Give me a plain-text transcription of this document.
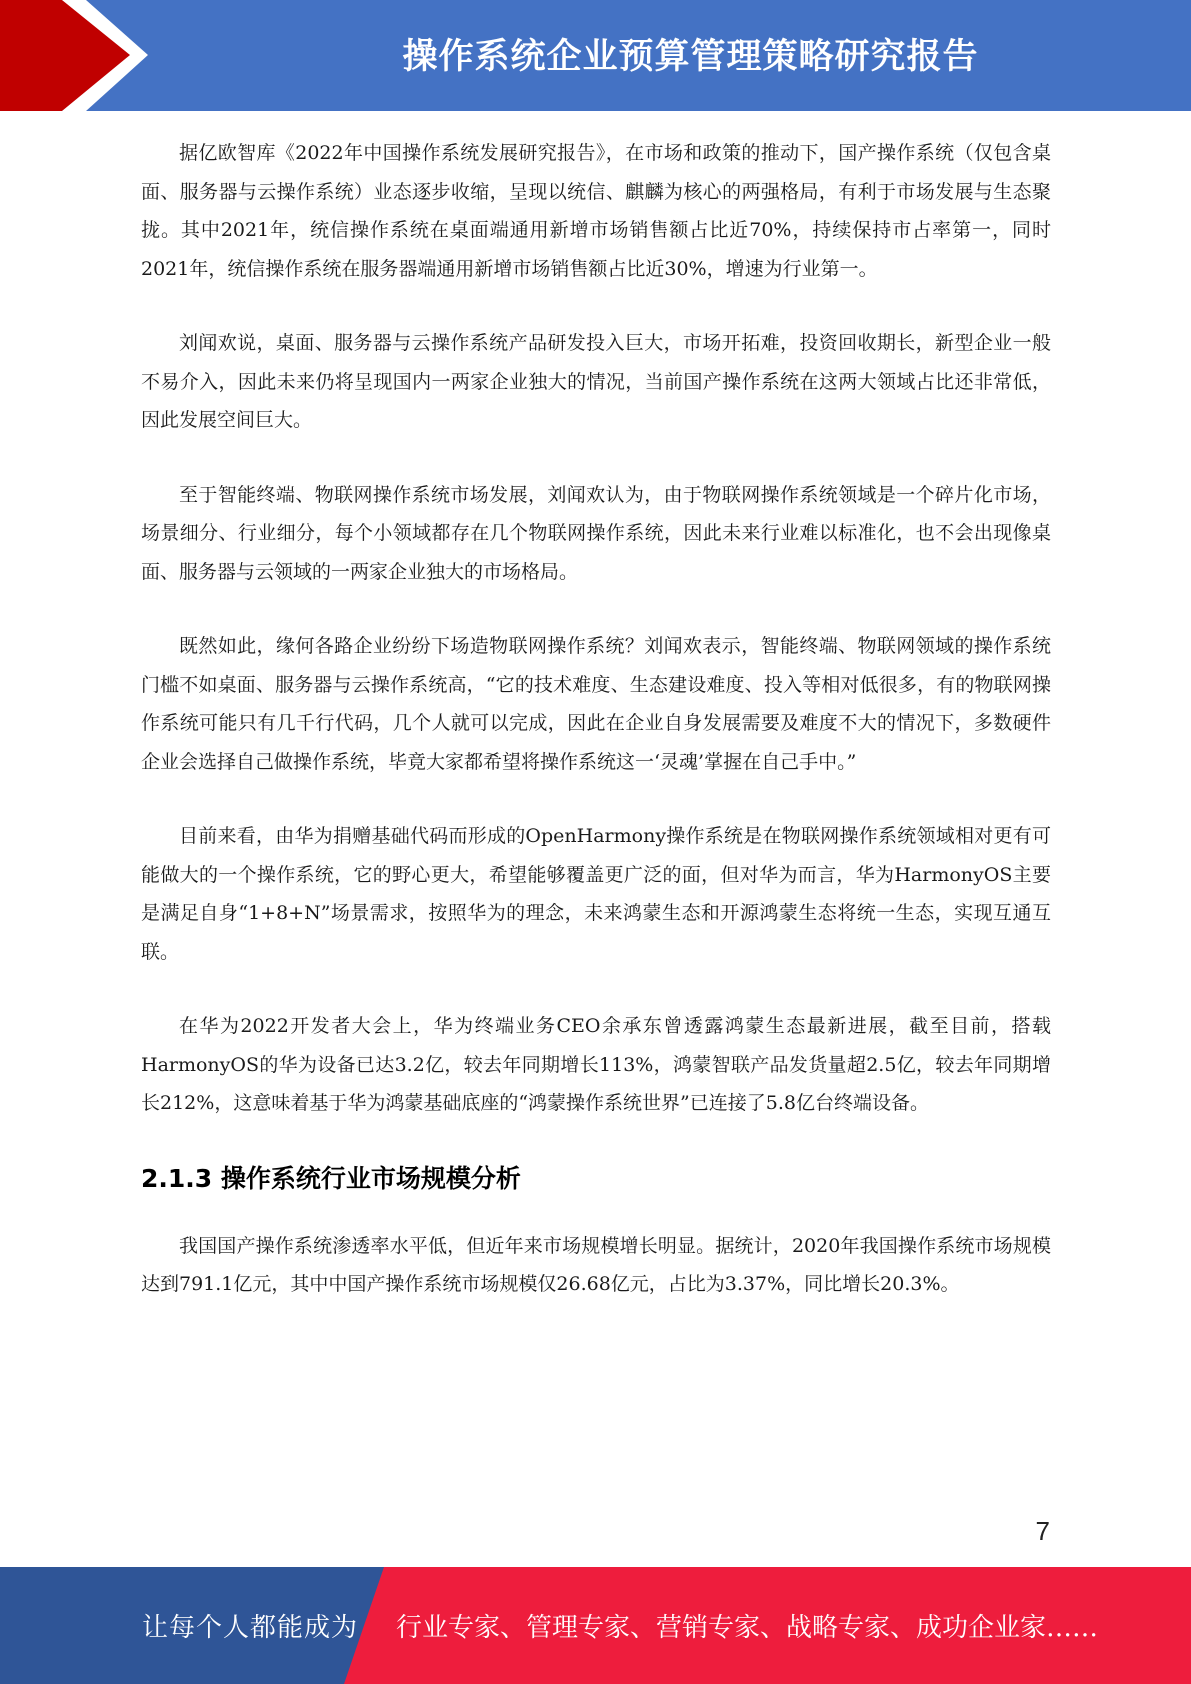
操作系统企业预算管理策略研究报告

据亿欧智库《2022年中国操作系统发展研究报告》，在市场和政策的推动下，国产操作系统（仅包含桌面、服务器与云操作系统）业态逐步收缩，呈现以统信、麒麟为核心的两强格局，有利于市场发展与生态聚拢。其中2021年，统信操作系统在桌面端通用新增市场销售额占比近70%，持续保持市占率第一，同时2021年，统信操作系统在服务器端通用新增市场销售额占比近30%，增速为行业第一。

刘闻欢说，桌面、服务器与云操作系统产品研发投入巨大，市场开拓难，投资回收期长，新型企业一般不易介入，因此未来仍将呈现国内一两家企业独大的情况，当前国产操作系统在这两大领域占比还非常低，因此发展空间巨大。

至于智能终端、物联网操作系统市场发展，刘闻欢认为，由于物联网操作系统领域是一个碎片化市场，场景细分、行业细分，每个小领域都存在几个物联网操作系统，因此未来行业难以标准化，也不会出现像桌面、服务器与云领域的一两家企业独大的市场格局。

既然如此，缘何各路企业纷纷下场造物联网操作系统？刘闻欢表示，智能终端、物联网领域的操作系统门槛不如桌面、服务器与云操作系统高，“它的技术难度、生态建设难度、投入等相对低很多，有的物联网操作系统可能只有几千行代码，几个人就可以完成，因此在企业自身发展需要及难度不大的情况下，多数硬件企业会选择自己做操作系统，毕竟大家都希望将操作系统这一‘灵魂’掌握在自己手中。”

目前来看，由华为捐赠基础代码而形成的OpenHarmony操作系统是在物联网操作系统领域相对更有可能做大的一个操作系统，它的野心更大，希望能够覆盖更广泛的面，但对华为而言，华为HarmonyOS主要是满足自身“1+8+N”场景需求，按照华为的理念，未来鸿蒙生态和开源鸿蒙生态将统一生态，实现互通互联。

在华为2022开发者大会上，华为终端业务CEO余承东曾透露鸿蒙生态最新进展，截至目前，搭载HarmonyOS的华为设备已达3.2亿，较去年同期增长113%，鸿蒙智联产品发货量超2.5亿，较去年同期增长212%，这意味着基于华为鸿蒙基础底座的“鸿蒙操作系统世界”已连接了5.8亿台终端设备。

2.1.3 操作系统行业市场规模分析

我国国产操作系统渗透率水平低，但近年来市场规模增长明显。据统计，2020年我国操作系统市场规模达到791.1亿元，其中中国产操作系统市场规模仅26.68亿元，占比为3.37%，同比增长20.3%。

7
让每个人都能成为 行业专家、管理专家、营销专家、战略专家、成功企业家……
